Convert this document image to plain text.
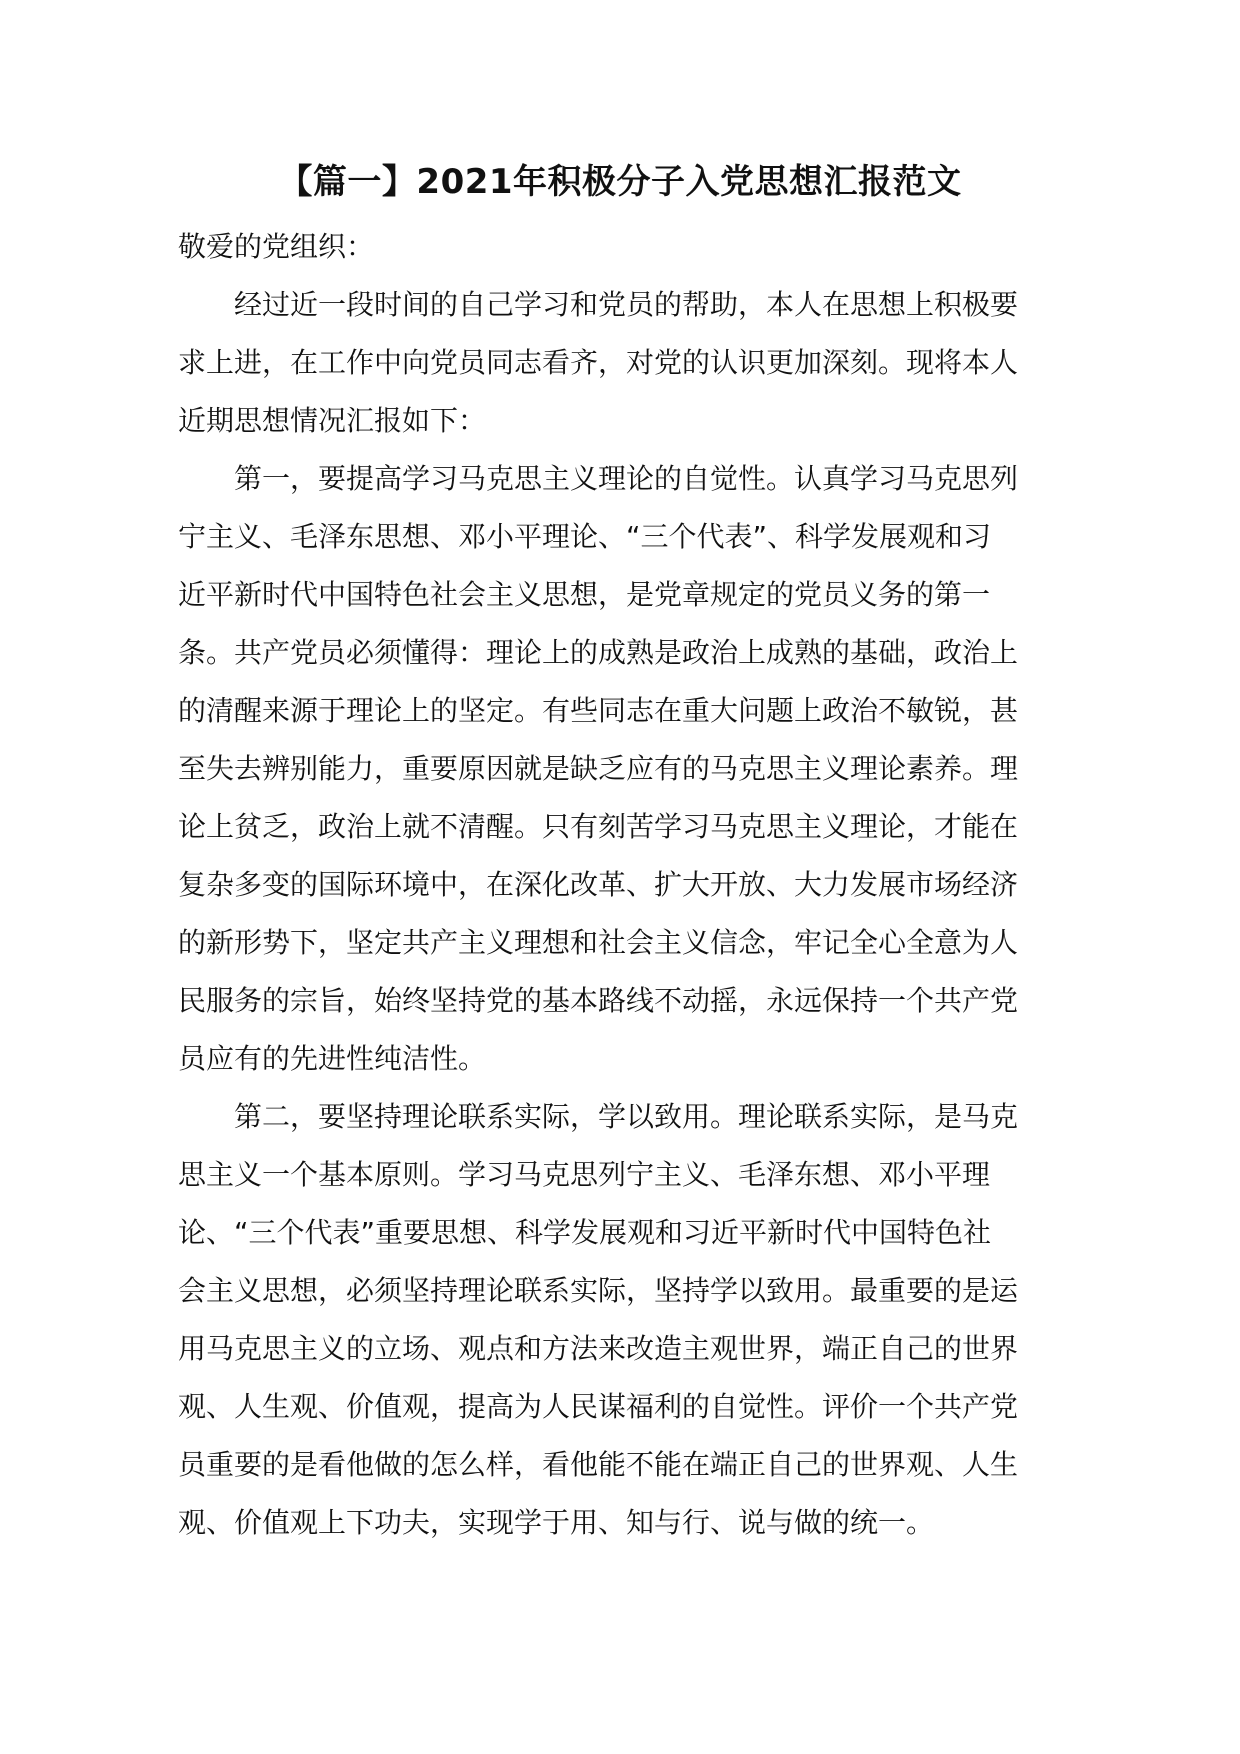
【篇一】2021年积极分子入党思想汇报范文

敬爱的党组织：

经过近一段时间的自己学习和党员的帮助，本人在思想上积极要
求上进，在工作中向党员同志看齐，对党的认识更加深刻。现将本人
近期思想情况汇报如下：

第一，要提高学习马克思主义理论的自觉性。认真学习马克思列
宁主义、毛泽东思想、邓小平理论、“三个代表”、科学发展观和习
近平新时代中国特色社会主义思想，是党章规定的党员义务的第一
条。共产党员必须懂得：理论上的成熟是政治上成熟的基础，政治上
的清醒来源于理论上的坚定。有些同志在重大问题上政治不敏锐，甚
至失去辨别能力，重要原因就是缺乏应有的马克思主义理论素养。理
论上贫乏，政治上就不清醒。只有刻苦学习马克思主义理论，才能在
复杂多变的国际环境中，在深化改革、扩大开放、大力发展市场经济
的新形势下，坚定共产主义理想和社会主义信念，牢记全心全意为人
民服务的宗旨，始终坚持党的基本路线不动摇，永远保持一个共产党
员应有的先进性纯洁性。

第二，要坚持理论联系实际，学以致用。理论联系实际，是马克
思主义一个基本原则。学习马克思列宁主义、毛泽东想、邓小平理
论、“三个代表”重要思想、科学发展观和习近平新时代中国特色社
会主义思想，必须坚持理论联系实际，坚持学以致用。最重要的是运
用马克思主义的立场、观点和方法来改造主观世界，端正自己的世界
观、人生观、价值观，提高为人民谋福利的自觉性。评价一个共产党
员重要的是看他做的怎么样，看他能不能在端正自己的世界观、人生
观、价值观上下功夫，实现学于用、知与行、说与做的统一。
